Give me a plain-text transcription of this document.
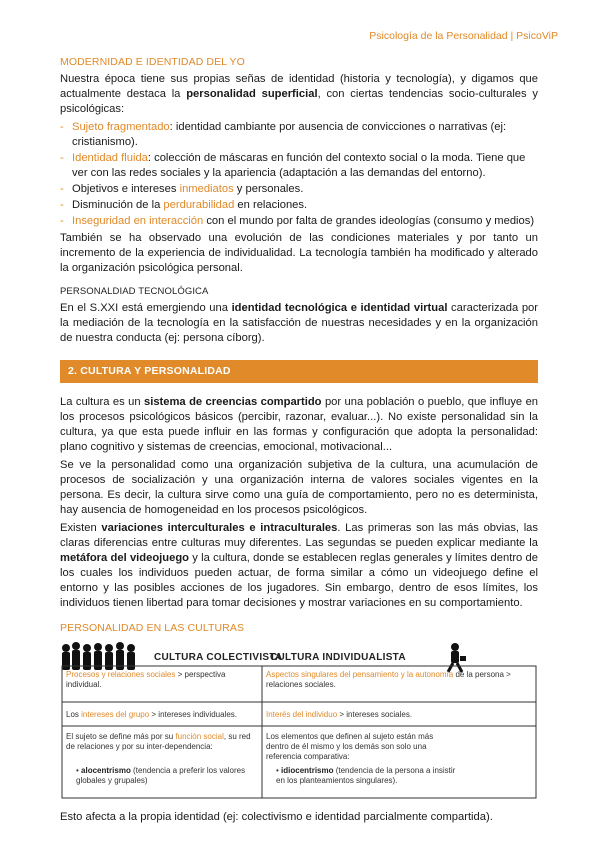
Psicología de la Personalidad | PsicoViP
MODERNIDAD E IDENTIDAD DEL YO

Nuestra época tiene sus propias señas de identidad (historia y tecnología), y digamos que actualmente destaca la personalidad superficial, con ciertas tendencias socio-culturales y psicológicas:

- Sujeto fragmentado: identidad cambiante por ausencia de convicciones o narrativas (ej: cristianismo).
- Identidad fluida: colección de máscaras en función del contexto social o la moda. Tiene que ver con las redes sociales y la apariencia (adaptación a las demandas del entorno).
- Objetivos e intereses inmediatos y personales.
- Disminución de la perdurabilidad en relaciones.
- Inseguridad en interacción con el mundo por falta de grandes ideologías (consumo y medios)

También se ha observado una evolución de las condiciones materiales y por tanto un incremento de la experiencia de individualidad. La tecnología también ha modificado y alterado la organización psicológica personal.

PERSONALDIAD TECNOLÓGICA

En el S.XXI está emergiendo una identidad tecnológica e identidad virtual caracterizada por la mediación de la tecnología en la satisfacción de nuestras necesidades y en la organización de nuestra conducta (ej: persona cíborg).

2. CULTURA Y PERSONALIDAD

La cultura es un sistema de creencias compartido por una población o pueblo, que influye en los procesos psicológicos básicos (percibir, razonar, evaluar...). No existe personalidad sin la cultura, ya que esta puede influir en las formas y configuración que adopta la personalidad: plano cognitivo y sistemas de creencias, emocional, motivacional...

Se ve la personalidad como una organización subjetiva de la cultura, una acumulación de procesos de socialización y una organización interna de valores sociales vigentes en la persona. Es decir, la cultura sirve como una guía de comportamiento, pero no es determinista, hay ausencia de homogeneidad en los procesos psicológicos.

Existen variaciones interculturales e intraculturales. Las primeras son las más obvias, las claras diferencias entre culturas muy diferentes. Las segundas se pueden explicar mediante la metáfora del videojuego y la cultura, donde se establecen reglas generales y límites dentro de los cuales los individuos pueden actuar, de forma similar a cómo un videojuego define el entorno y las posibles acciones de los jugadores. Sin embargo, dentro de esos límites, los individuos tienen libertad para tomar decisiones y mostrar variaciones en su comportamiento.

PERSONALIDAD EN LAS CULTURAS
CULTURA COLECTIVISTA
CULTURA INDIVIDUALISTA
Procesos y relaciones sociales > perspectiva individual.
Aspectos singulares del pensamiento y la autonomía de la persona > relaciones sociales.
Los intereses del grupo > intereses individuales.	Interés del individuo > intereses sociales.
El sujeto se define más por su función social, su red de relaciones y por su inter-dependencia:
Los elementos que definen al sujeto están más dentro de él mismo y los demás son solo una referencia comparativa:
• alocentrismo (tendencia a preferir los valores globales y grupales)
• idiocentrismo (tendencia de la persona a insistir en los planteamientos singulares).

Esto afecta a la propia identidad (ej: colectivismo e identidad parcialmente compartida).
